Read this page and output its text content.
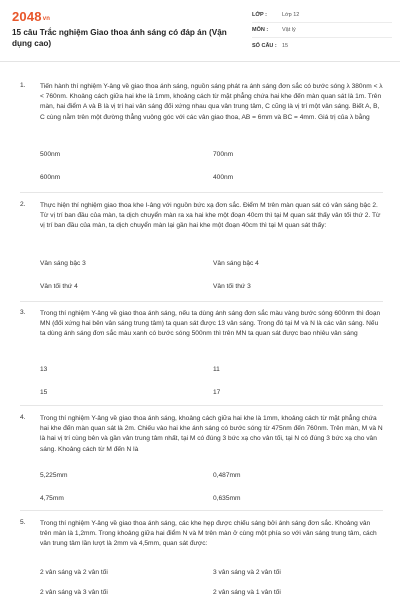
2048vn
15 câu Trắc nghiệm Giao thoa ánh sáng có đáp án (Vận dụng cao)
LỚP :	Lớp 12
MÔN :	Vật lý
SỐ CÂU : 15
1. Tiến hành thí nghiệm Y-âng về giao thoa ánh sáng, nguồn sáng phát ra ánh sáng đơn sắc có bước sóng λ 380nm < λ < 760nm. Khoảng cách giữa hai khe là 1mm, khoảng cách từ mặt phẳng chứa hai khe đến màn quan sát là 1m. Trên màn, hai điểm A và B là vị trí hai vân sáng đối xứng nhau qua vân trung tâm, C cũng là vị trí một vân sáng. Biết A, B, C cùng nằm trên một đường thẳng vuông góc với các vân giao thoa, AB = 6mm và BC = 4mm. Giá trị của λ bằng
500nm	700nm
600nm	400nm
2. Thực hiện thí nghiệm giao thoa khe I-âng với nguồn bức xạ đơn sắc. Điểm M trên màn quan sát có vân sáng bậc 2. Từ vị trí ban đầu của màn, ta dịch chuyển màn ra xa hai khe một đoạn 40cm thì tại M quan sát thấy vân tối thứ 2. Từ vị trí ban đầu của màn, ta dịch chuyển màn lại gần hai khe một đoạn 40cm thì tại M quan sát thấy:
Vân sáng bậc 3	Vân sáng bậc 4
Vân tối thứ 4	Vân tối thứ 3
3. Trong thí nghiệm Y-âng về giao thoa ánh sáng, nếu ta dùng ánh sáng đơn sắc màu vàng bước sóng 600nm thì đoạn MN (đối xứng hai bên vân sáng trung tâm) ta quan sát được 13 vân sáng. Trong đó tại M và N là các vân sáng. Nếu ta dùng ánh sáng đơn sắc màu xanh có bước sóng 500nm thì trên MN ta quan sát được bao nhiêu vân sáng
13	11
15	17
4. Trong thí nghiệm Y-âng về giao thoa ánh sáng, khoảng cách giữa hai khe là 1mm, khoảng cách từ mặt phẳng chứa hai khe đến màn quan sát là 2m. Chiếu vào hai khe ánh sáng có bước sóng từ 475nm đến 760nm. Trên màn, M và N là hai vị trí cùng bên và gần vân trung tâm nhất, tại M có đúng 3 bức xạ cho vân tối, tại N có đúng 3 bức xạ cho vân sáng. Khoảng cách từ M đến N là
5,225mm	0,487mm
4,75mm	0,635mm
5. Trong thí nghiệm Y-âng về giao thoa ánh sáng, các khe hẹp được chiếu sáng bởi ánh sáng đơn sắc. Khoảng vân trên màn là 1,2mm. Trong khoảng giữa hai điểm N và M trên màn ở cùng một phía so với vân sáng trung tâm, cách vân trung tâm lần lượt là 2mm và 4,5mm, quan sát được:
2 vân sáng và 2 vân tối	3 vân sáng và 2 vân tối
2 vân sáng và 3 vân tối	2 vân sáng và 1 vân tối
